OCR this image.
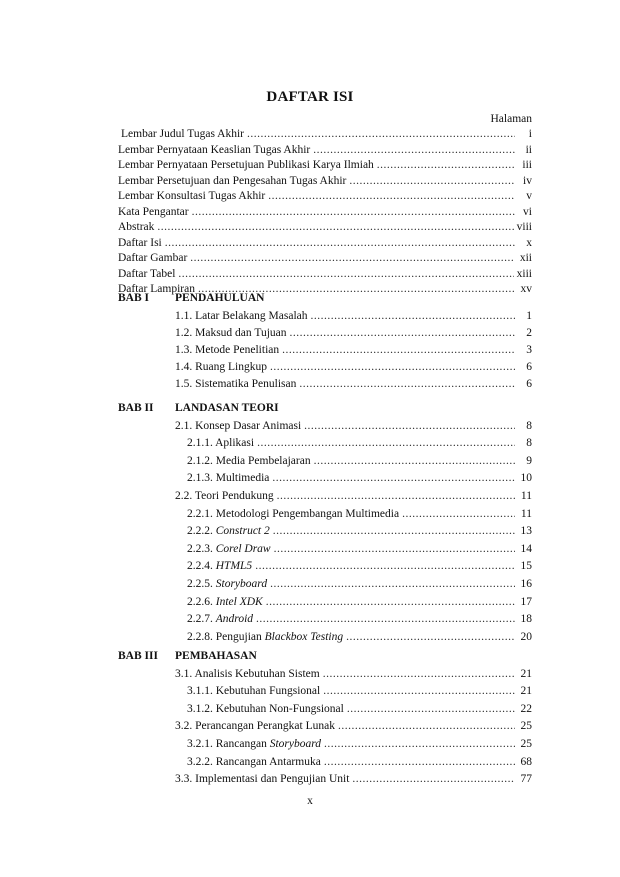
DAFTAR ISI
Halaman
Lembar Judul Tugas Akhir .....	i
Lembar Pernyataan Keaslian Tugas Akhir .....	ii
Lembar Pernyataan Persetujuan Publikasi Karya Ilmiah .....	iii
Lembar Persetujuan dan Pengesahan Tugas Akhir .....	iv
Lembar Konsultasi Tugas Akhir .....	v
Kata Pengantar .....	vi
Abstrak .....	viii
Daftar Isi .....	x
Daftar Gambar .....	xii
Daftar Tabel .....	xiii
Daftar Lampiran .....	xv
BAB I PENDAHULUAN
1.1. Latar Belakang Masalah .....	1
1.2. Maksud dan Tujuan .....	2
1.3. Metode Penelitian .....	3
1.4. Ruang Lingkup .....	6
1.5. Sistematika Penulisan .....	6
BAB II LANDASAN TEORI
2.1. Konsep Dasar Animasi .....	8
2.1.1. Aplikasi .....	8
2.1.2. Media Pembelajaran .....	9
2.1.3. Multimedia .....	10
2.2. Teori Pendukung .....	11
2.2.1. Metodologi Pengembangan Multimedia .....	11
2.2.2. Construct 2 .....	13
2.2.3. Corel Draw .....	14
2.2.4. HTML5 .....	15
2.2.5. Storyboard .....	16
2.2.6. Intel XDK .....	17
2.2.7. Android .....	18
2.2.8. Pengujian Blackbox Testing .....	20
BAB III PEMBAHASAN
3.1. Analisis Kebutuhan Sistem .....	21
3.1.1. Kebutuhan Fungsional .....	21
3.1.2. Kebutuhan Non-Fungsional .....	22
3.2. Perancangan Perangkat Lunak .....	25
3.2.1. Rancangan Storyboard .....	25
3.2.2. Rancangan Antarmuka .....	68
3.3. Implementasi dan Pengujian Unit .....	77
x
